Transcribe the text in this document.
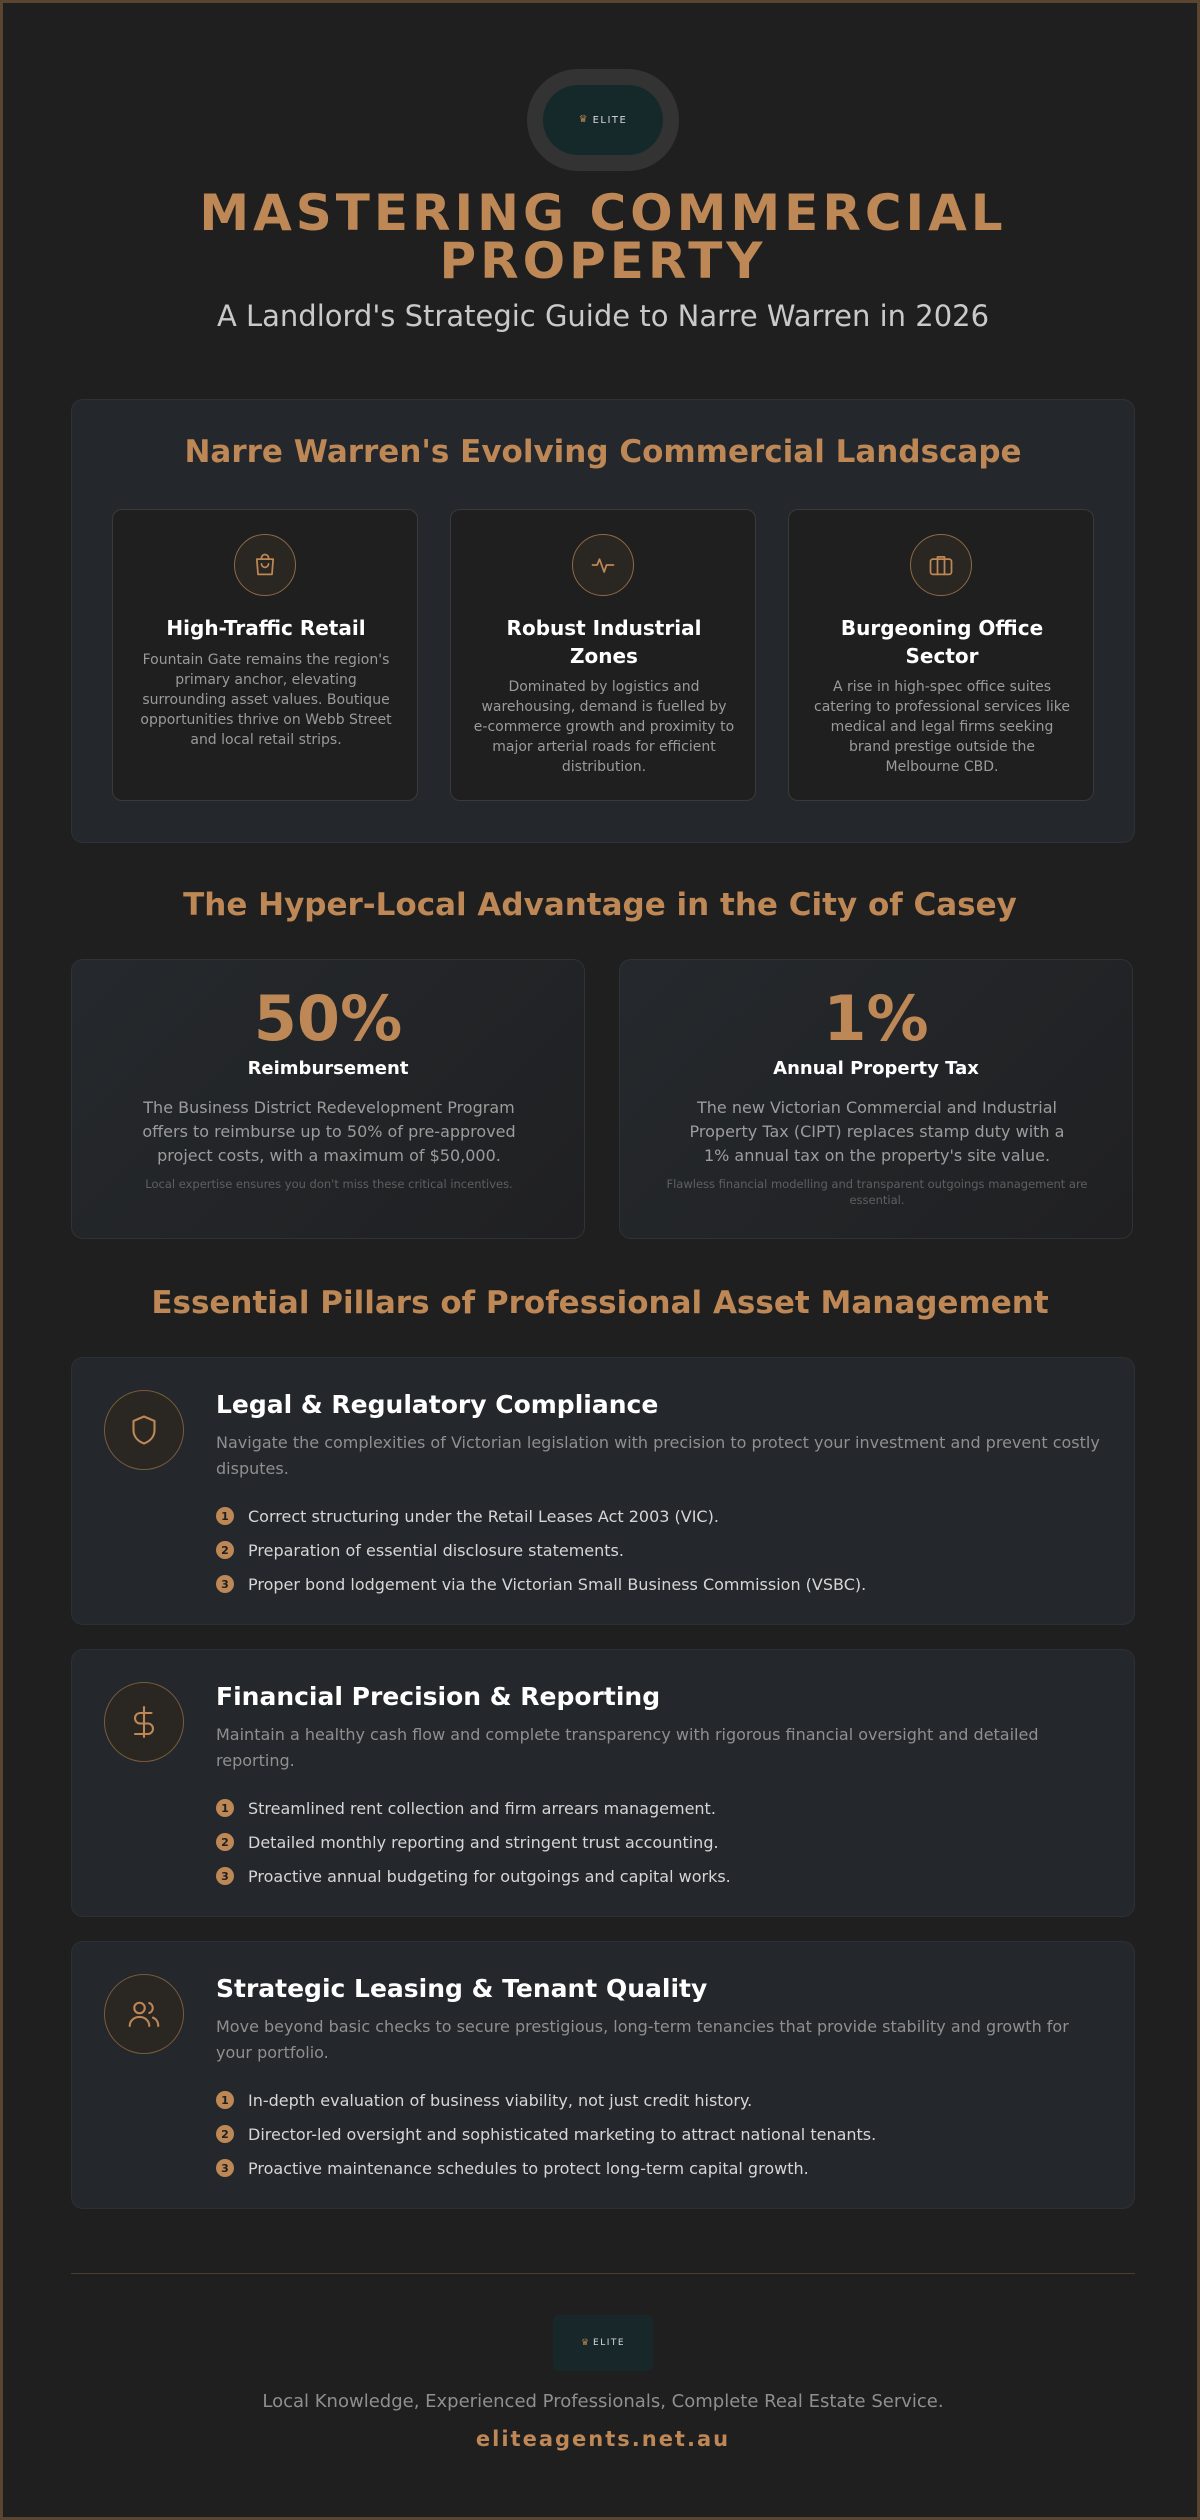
♛ ELITE
MASTERING COMMERCIAL
PROPERTY
A Landlord's Strategic Guide to Narre Warren in 2026
Narre Warren's Evolving Commercial Landscape
High-Traffic Retail
Fountain Gate remains the region's primary anchor, elevating surrounding asset values. Boutique opportunities thrive on Webb Street and local retail strips.
Robust Industrial Zones
Dominated by logistics and warehousing, demand is fuelled by e-commerce growth and proximity to major arterial roads for efficient distribution.
Burgeoning Office Sector
A rise in high-spec office suites catering to professional services like medical and legal firms seeking brand prestige outside the Melbourne CBD.
The Hyper-Local Advantage in the City of Casey
50%
Reimbursement
The Business District Redevelopment Program offers to reimburse up to 50% of pre-approved project costs, with a maximum of $50,000.
Local expertise ensures you don't miss these critical incentives.
1%
Annual Property Tax
The new Victorian Commercial and Industrial Property Tax (CIPT) replaces stamp duty with a 1% annual tax on the property's site value.
Flawless financial modelling and transparent outgoings management are essential.
Essential Pillars of Professional Asset Management
Legal & Regulatory Compliance
Navigate the complexities of Victorian legislation with precision to protect your investment and prevent costly disputes.
1	Correct structuring under the Retail Leases Act 2003 (VIC).
2	Preparation of essential disclosure statements.
3	Proper bond lodgement via the Victorian Small Business Commission (VSBC).
Financial Precision & Reporting
Maintain a healthy cash flow and complete transparency with rigorous financial oversight and detailed reporting.
1	Streamlined rent collection and firm arrears management.
2	Detailed monthly reporting and stringent trust accounting.
3	Proactive annual budgeting for outgoings and capital works.
Strategic Leasing & Tenant Quality
Move beyond basic checks to secure prestigious, long-term tenancies that provide stability and growth for your portfolio.
1	In-depth evaluation of business viability, not just credit history.
2	Director-led oversight and sophisticated marketing to attract national tenants.
3	Proactive maintenance schedules to protect long-term capital growth.
♛ ELITE
Local Knowledge, Experienced Professionals, Complete Real Estate Service.
eliteagents.net.au
